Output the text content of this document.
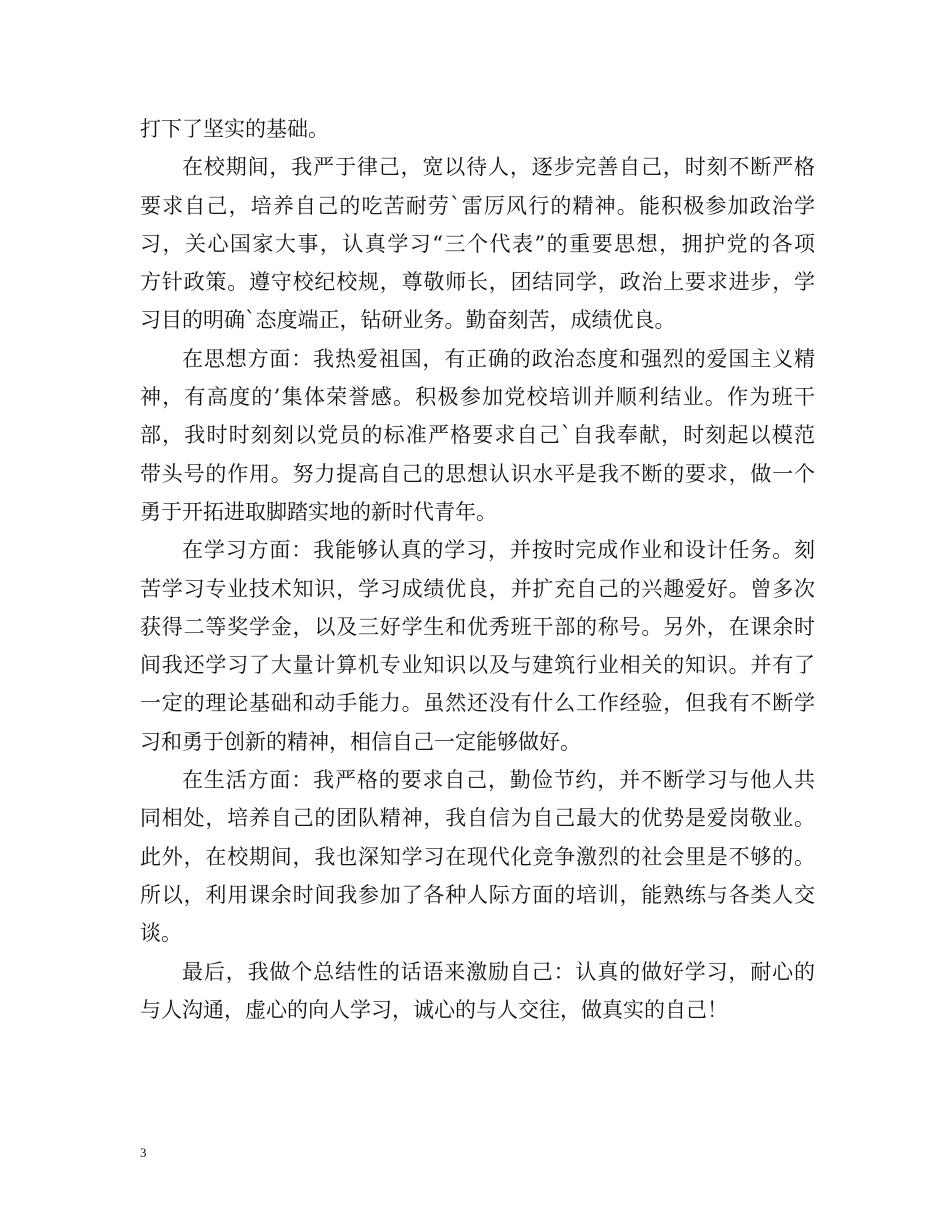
打下了坚实的基础。
在校期间，我严于律己，宽以待人，逐步完善自己，时刻不断严格
要求自己，培养自己的吃苦耐劳`雷厉风行的精神。能积极参加政治学
习，关心国家大事，认真学习“三个代表”的重要思想，拥护党的各项
方针政策。遵守校纪校规，尊敬师长，团结同学，政治上要求进步，学
习目的明确`态度端正，钻研业务。勤奋刻苦，成绩优良。
在思想方面：我热爱祖国，有正确的政治态度和强烈的爱国主义精
神，有高度的’集体荣誉感。积极参加党校培训并顺利结业。作为班干
部，我时时刻刻以党员的标准严格要求自己`自我奉献，时刻起以模范
带头号的作用。努力提高自己的思想认识水平是我不断的要求，做一个
勇于开拓进取脚踏实地的新时代青年。
在学习方面：我能够认真的学习，并按时完成作业和设计任务。刻
苦学习专业技术知识，学习成绩优良，并扩充自己的兴趣爱好。曾多次
获得二等奖学金，以及三好学生和优秀班干部的称号。另外，在课余时
间我还学习了大量计算机专业知识以及与建筑行业相关的知识。并有了
一定的理论基础和动手能力。虽然还没有什么工作经验，但我有不断学
习和勇于创新的精神，相信自己一定能够做好。
在生活方面：我严格的要求自己，勤俭节约，并不断学习与他人共
同相处，培养自己的团队精神，我自信为自己最大的优势是爱岗敬业。
此外，在校期间，我也深知学习在现代化竞争激烈的社会里是不够的。
所以，利用课余时间我参加了各种人际方面的培训，能熟练与各类人交
谈。
最后，我做个总结性的话语来激励自己：认真的做好学习，耐心的
与人沟通，虚心的向人学习，诚心的与人交往，做真实的自己！
3
